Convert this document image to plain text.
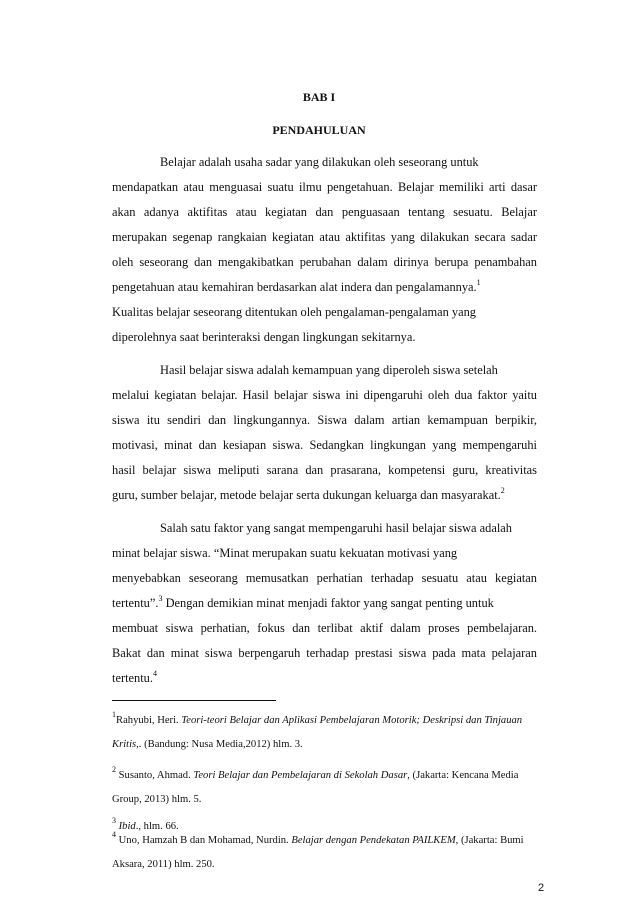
BAB I
PENDAHULUAN
Belajar adalah usaha sadar yang dilakukan oleh seseorang untuk
mendapatkan atau menguasai suatu ilmu pengetahuan. Belajar memiliki arti dasar
akan adanya aktifitas atau kegiatan dan penguasaan tentang sesuatu. Belajar
merupakan segenap rangkaian kegiatan atau aktifitas yang dilakukan secara sadar
oleh seseorang dan mengakibatkan perubahan dalam dirinya berupa penambahan
pengetahuan atau kemahiran berdasarkan alat indera dan pengalamannya.$^1$
Kualitas belajar seseorang ditentukan oleh pengalaman-pengalaman yang
diperolehnya saat berinteraksi dengan lingkungan sekitarnya.
Hasil belajar siswa adalah kemampuan yang diperoleh siswa setelah
melalui kegiatan belajar. Hasil belajar siswa ini dipengaruhi oleh dua faktor yaitu
siswa itu sendiri dan lingkungannya. Siswa dalam artian kemampuan berpikir,
motivasi, minat dan kesiapan siswa. Sedangkan lingkungan yang mempengaruhi
hasil belajar siswa meliputi sarana dan prasarana, kompetensi guru, kreativitas
guru, sumber belajar, metode belajar serta dukungan keluarga dan masyarakat.$^2$
Salah satu faktor yang sangat mempengaruhi hasil belajar siswa adalah
minat belajar siswa. “Minat merupakan suatu kekuatan motivasi yang
menyebabkan seseorang memusatkan perhatian terhadap sesuatu atau kegiatan
tertentu”.$^3$ Dengan demikian minat menjadi faktor yang sangat penting untuk
membuat siswa perhatian, fokus dan terlibat aktif dalam proses pembelajaran.
Bakat dan minat siswa berpengaruh terhadap prestasi siswa pada mata pelajaran
tertentu.$^4$
$^1$Rahyubi, Heri. Teori-teori Belajar dan Aplikasi Pembelajaran Motorik; Deskripsi dan Tinjauan
Kritis,. (Bandung: Nusa Media,2012) hlm. 3.
$^2$ Susanto, Ahmad. Teori Belajar dan Pembelajaran di Sekolah Dasar, (Jakarta: Kencana Media
Group, 2013) hlm. 5.
$^3$ Ibid., hlm. 66.
$^4$ Uno, Hamzah B dan Mohamad, Nurdin. Belajar dengan Pendekatan PAILKEM, (Jakarta: Bumi
Aksara, 2011) hlm. 250.
2
